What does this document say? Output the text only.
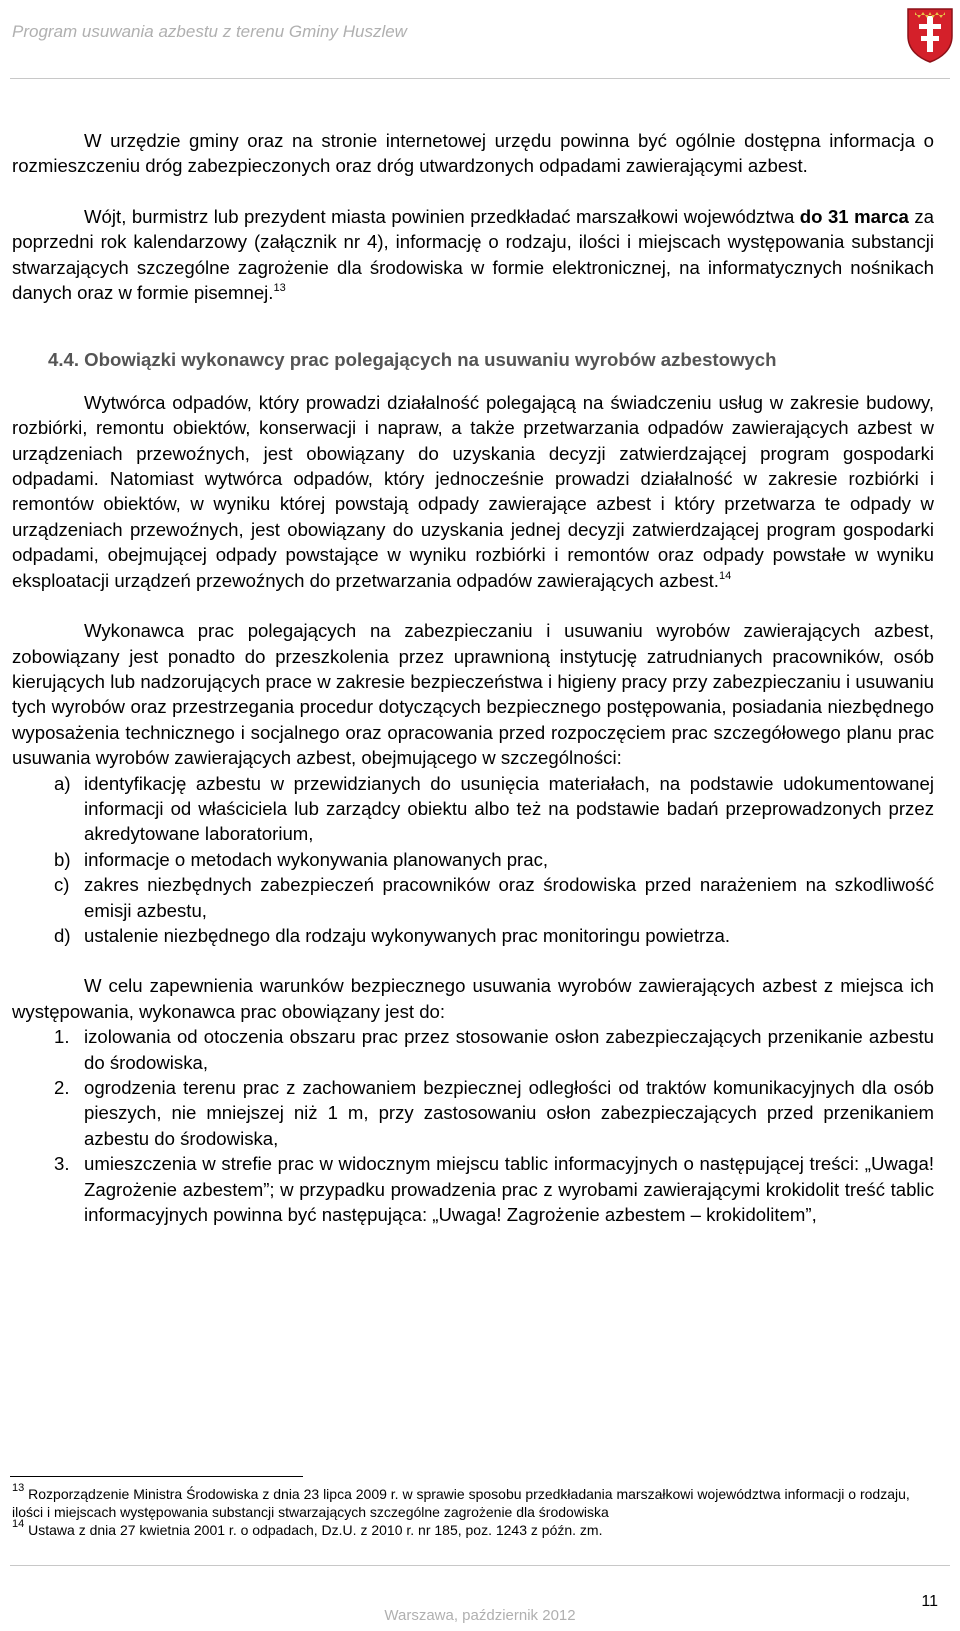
Program usuwania azbestu z terenu Gminy Huszlew

W urzędzie gminy oraz na stronie internetowej urzędu powinna być ogólnie dostępna informacja o rozmieszczeniu dróg zabezpieczonych oraz dróg utwardzonych odpadami zawierającymi azbest.

Wójt, burmistrz lub prezydent miasta powinien przedkładać marszałkowi województwa do 31 marca za poprzedni rok kalendarzowy (załącznik nr 4), informację o rodzaju, ilości i miejscach występowania substancji stwarzających szczególne zagrożenie dla środowiska w formie elektronicznej, na informatycznych nośnikach danych oraz w formie pisemnej.$^{13}$

4.4. Obowiązki wykonawcy prac polegających na usuwaniu wyrobów azbestowych

Wytwórca odpadów, który prowadzi działalność polegającą na świadczeniu usług w zakresie budowy, rozbiórki, remontu obiektów, konserwacji i napraw, a także przetwarzania odpadów zawierających azbest w urządzeniach przewoźnych, jest obowiązany do uzyskania decyzji zatwierdzającej program gospodarki odpadami. Natomiast wytwórca odpadów, który jednocześnie prowadzi działalność w zakresie rozbiórki i remontów obiektów, w wyniku której powstają odpady zawierające azbest i który przetwarza te odpady w urządzeniach przewoźnych, jest obowiązany do uzyskania jednej decyzji zatwierdzającej program gospodarki odpadami, obejmującej odpady powstające w wyniku rozbiórki i remontów oraz odpady powstałe w wyniku eksploatacji urządzeń przewoźnych do przetwarzania odpadów zawierających azbest.$^{14}$

Wykonawca prac polegających na zabezpieczaniu i usuwaniu wyrobów zawierających azbest, zobowiązany jest ponadto do przeszkolenia przez uprawnioną instytucję zatrudnianych pracowników, osób kierujących lub nadzorujących prace w zakresie bezpieczeństwa i higieny pracy przy zabezpieczaniu i usuwaniu tych wyrobów oraz przestrzegania procedur dotyczących bezpiecznego postępowania, posiadania niezbędnego wyposażenia technicznego i socjalnego oraz opracowania przed rozpoczęciem prac szczegółowego planu prac usuwania wyrobów zawierających azbest, obejmującego w szczególności:

a) identyfikację azbestu w przewidzianych do usunięcia materiałach, na podstawie udokumentowanej informacji od właściciela lub zarządcy obiektu albo też na podstawie badań przeprowadzonych przez akredytowane laboratorium,
b) informacje o metodach wykonywania planowanych prac,
c) zakres niezbędnych zabezpieczeń pracowników oraz środowiska przed narażeniem na szkodliwość emisji azbestu,
d) ustalenie niezbędnego dla rodzaju wykonywanych prac monitoringu powietrza.

W celu zapewnienia warunków bezpiecznego usuwania wyrobów zawierających azbest z miejsca ich występowania, wykonawca prac obowiązany jest do:

1. izolowania od otoczenia obszaru prac przez stosowanie osłon zabezpieczających przenikanie azbestu do środowiska,
2. ogrodzenia terenu prac z zachowaniem bezpiecznej odległości od traktów komunikacyjnych dla osób pieszych, nie mniejszej niż 1 m, przy zastosowaniu osłon zabezpieczających przed przenikaniem azbestu do środowiska,
3. umieszczenia w strefie prac w widocznym miejscu tablic informacyjnych o następującej treści: „Uwaga! Zagrożenie azbestem”; w przypadku prowadzenia prac z wyrobami zawierającymi krokidolit treść tablic informacyjnych powinna być następująca: „Uwaga! Zagrożenie azbestem – krokidolitem”,

$^{13}$ Rozporządzenie Ministra Środowiska z dnia 23 lipca 2009 r. w sprawie sposobu przedkładania marszałkowi województwa informacji o rodzaju, ilości i miejscach występowania substancji stwarzających szczególne zagrożenie dla środowiska

$^{14}$ Ustawa z dnia 27 kwietnia 2001 r. o odpadach, Dz.U. z 2010 r. nr 185, poz. 1243 z późn. zm.

11
Warszawa, październik 2012
